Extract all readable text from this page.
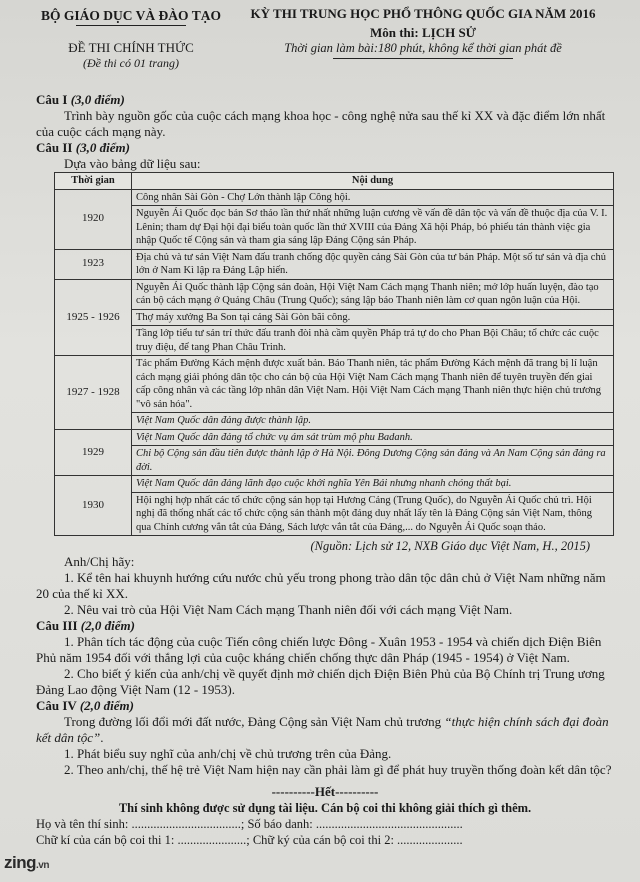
BỘ GIÁO DỤC VÀ ĐÀO TẠO
ĐỀ THI CHÍNH THỨC
(Đề thi có 01 trang)
KỲ THI TRUNG HỌC PHỔ THÔNG QUỐC GIA NĂM 2016
Môn thi: LỊCH SỬ
Thời gian làm bài:180 phút, không kể thời gian phát đề
Câu I (3,0 điểm)

Trình bày nguồn gốc của cuộc cách mạng khoa học - công nghệ nửa sau thế kỉ XX và đặc điểm lớn nhất của cuộc cách mạng này.

Câu II (3,0 điểm)

Dựa vào bảng dữ liệu sau:

Thời gian	Nội dung
1920	Công nhân Sài Gòn - Chợ Lớn thành lập Công hội.
	Nguyễn Ái Quốc đọc bản Sơ thảo lần thứ nhất những luận cương về vấn đề dân tộc và vấn đề thuộc địa của V. I. Lênin; tham dự Đại hội đại biểu toàn quốc lần thứ XVIII của Đảng Xã hội Pháp, bỏ phiếu tán thành việc gia nhập Quốc tế Cộng sản và tham gia sáng lập Đảng Cộng sản Pháp.
1923	Địa chủ và tư sản Việt Nam đấu tranh chống độc quyền cảng Sài Gòn của tư bản Pháp. Một số tư sản và địa chủ lớn ở Nam Kì lập ra Đảng Lập hiến.
1925 - 1926	Nguyễn Ái Quốc thành lập Cộng sản đoàn, Hội Việt Nam Cách mạng Thanh niên; mở lớp huấn luyện, đào tạo cán bộ cách mạng ở Quảng Châu (Trung Quốc); sáng lập báo Thanh niên làm cơ quan ngôn luận của Hội.
	Thợ máy xưởng Ba Son tại cảng Sài Gòn bãi công.
	Tầng lớp tiểu tư sản trí thức đấu tranh đòi nhà cầm quyền Pháp trả tự do cho Phan Bội Châu; tổ chức các cuộc truy điệu, để tang Phan Châu Trinh.
1927 - 1928	Tác phẩm Đường Kách mệnh được xuất bản. Báo Thanh niên, tác phẩm Đường Kách mệnh đã trang bị lí luận cách mạng giải phóng dân tộc cho cán bộ của Hội Việt Nam Cách mạng Thanh niên để tuyên truyền đến giai cấp công nhân và các tầng lớp nhân dân Việt Nam. Hội Việt Nam Cách mạng Thanh niên thực hiện chủ trương "vô sản hóa".
	Việt Nam Quốc dân đảng được thành lập.
1929	Việt Nam Quốc dân đảng tổ chức vụ ám sát trùm mộ phu Badanh.
	Chi bộ Cộng sản đầu tiên được thành lập ở Hà Nội. Đông Dương Cộng sản đảng và An Nam Cộng sản đảng ra đời.
1930	Việt Nam Quốc dân đảng lãnh đạo cuộc khởi nghĩa Yên Bái nhưng nhanh chóng thất bại.
	Hội nghị hợp nhất các tổ chức cộng sản họp tại Hương Cảng (Trung Quốc), do Nguyễn Ái Quốc chủ trì. Hội nghị đã thống nhất các tổ chức cộng sản thành một đảng duy nhất lấy tên là Đảng Cộng sản Việt Nam, thông qua Chính cương vắn tắt của Đảng, Sách lược vắn tắt của Đảng,... do Nguyễn Ái Quốc soạn thảo.
(Nguồn: Lịch sử 12, NXB Giáo dục Việt Nam, H., 2015)

Anh/Chị hãy:

1. Kể tên hai khuynh hướng cứu nước chủ yếu trong phong trào dân tộc dân chủ ở Việt Nam những năm 20 của thế kỉ XX.

2. Nêu vai trò của Hội Việt Nam Cách mạng Thanh niên đối với cách mạng Việt Nam.

Câu III (2,0 điểm)

1. Phân tích tác động của cuộc Tiến công chiến lược Đông - Xuân 1953 - 1954 và chiến dịch Điện Biên Phủ năm 1954 đối với thắng lợi của cuộc kháng chiến chống thực dân Pháp (1945 - 1954) ở Việt Nam.

2. Cho biết ý kiến của anh/chị về quyết định mở chiến dịch Điện Biên Phủ của Bộ Chính trị Trung ương Đảng Lao động Việt Nam (12 - 1953).

Câu IV (2,0 điểm)

Trong đường lối đổi mới đất nước, Đảng Cộng sản Việt Nam chủ trương “thực hiện chính sách đại đoàn kết dân tộc”.

1. Phát biểu suy nghĩ của anh/chị về chủ trương trên của Đảng.

2. Theo anh/chị, thế hệ trẻ Việt Nam hiện nay cần phải làm gì để phát huy truyền thống đoàn kết dân tộc?

----------Hết----------
Thí sinh không được sử dụng tài liệu. Cán bộ coi thi không giải thích gì thêm.
Họ và tên thí sinh: ...................................; Số báo danh: ...............................................
Chữ kí của cán bộ coi thi 1: ......................; Chữ ký của cán bộ coi thi 2: .....................
zing.vn
